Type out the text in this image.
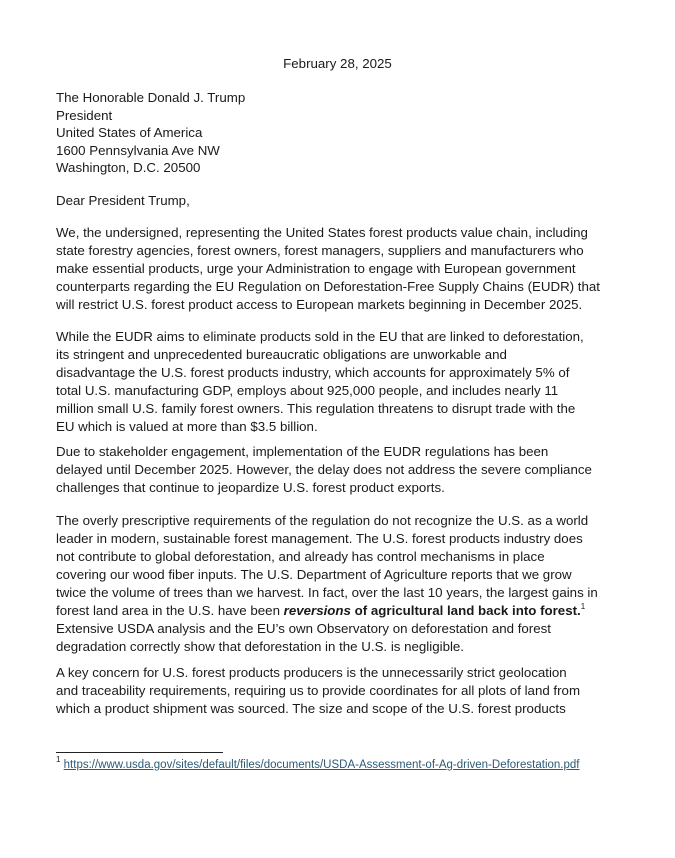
February 28, 2025
The Honorable Donald J. Trump
President
United States of America
1600 Pennsylvania Ave NW
Washington, D.C. 20500
Dear President Trump,
We, the undersigned, representing the United States forest products value chain, including
state forestry agencies, forest owners, forest managers, suppliers and manufacturers who
make essential products, urge your Administration to engage with European government
counterparts regarding the EU Regulation on Deforestation-Free Supply Chains (EUDR) that
will restrict U.S. forest product access to European markets beginning in December 2025.
While the EUDR aims to eliminate products sold in the EU that are linked to deforestation,
its stringent and unprecedented bureaucratic obligations are unworkable and
disadvantage the U.S. forest products industry, which accounts for approximately 5% of
total U.S. manufacturing GDP, employs about 925,000 people, and includes nearly 11
million small U.S. family forest owners. This regulation threatens to disrupt trade with the
EU which is valued at more than $3.5 billion.
Due to stakeholder engagement, implementation of the EUDR regulations has been
delayed until December 2025. However, the delay does not address the severe compliance
challenges that continue to jeopardize U.S. forest product exports.
The overly prescriptive requirements of the regulation do not recognize the U.S. as a world
leader in modern, sustainable forest management. The U.S. forest products industry does
not contribute to global deforestation, and already has control mechanisms in place
covering our wood fiber inputs. The U.S. Department of Agriculture reports that we grow
twice the volume of trees than we harvest. In fact, over the last 10 years, the largest gains in
forest land area in the U.S. have been reversions of agricultural land back into forest.$^1$
Extensive USDA analysis and the EU’s own Observatory on deforestation and forest
degradation correctly show that deforestation in the U.S. is negligible.
A key concern for U.S. forest products producers is the unnecessarily strict geolocation
and traceability requirements, requiring us to provide coordinates for all plots of land from
which a product shipment was sourced. The size and scope of the U.S. forest products
$^1$ https://www.usda.gov/sites/default/files/documents/USDA-Assessment-of-Ag-driven-Deforestation.pdf
